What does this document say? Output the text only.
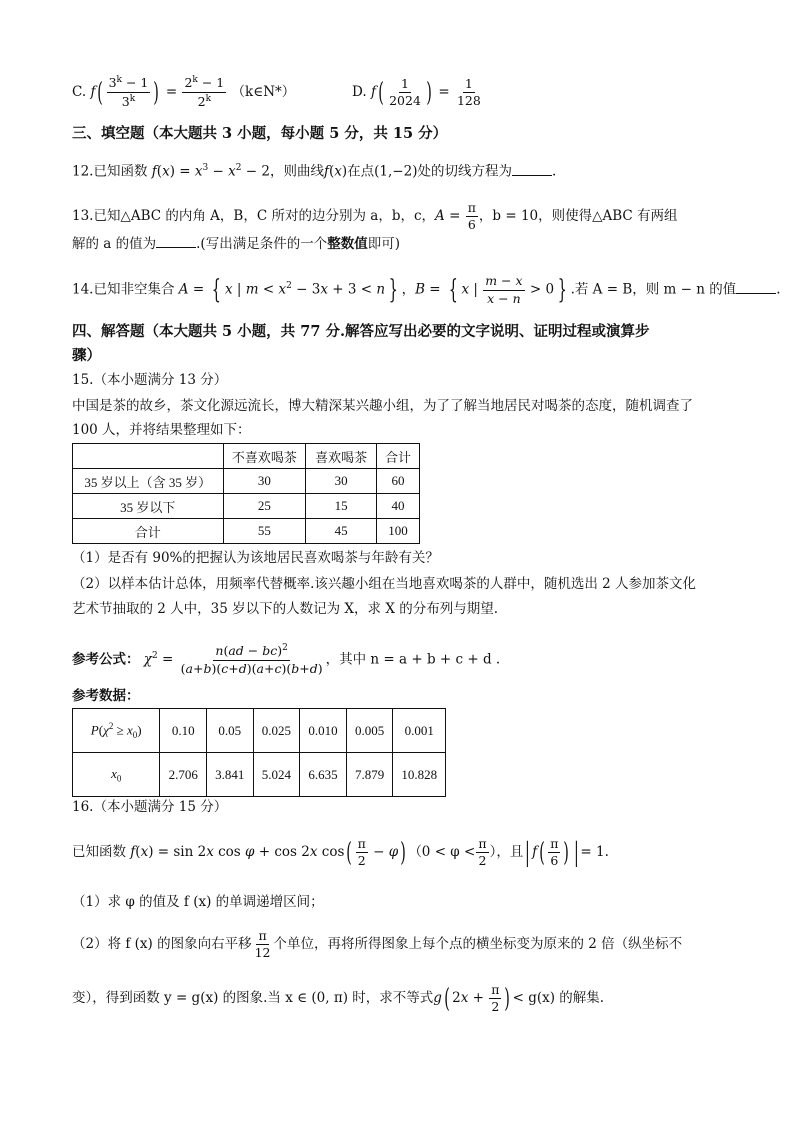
C. $f( \frac{3^k - 1}{3^k}$ ) = $\frac{2^k - 1}{2^k}$ （k∈N*）	D. $f( \frac{1}{2024}$ ) = $\frac{1}{128}$
三、填空题（本大题共 3 小题，每小题 5 分，共 15 分）
12.已知函数 $f(x) = x^3 - x^2 - 2$，则曲线f(x)在点(1,−2)处的切线方程为	.
13.已知△ABC 的内角 A，B，C 所对的边分别为 a，b，c，$A = \frac{\pi}{6}$ ，b = 10，则使得△ABC 有两组
解的 a 的值为	.(写出满足条件的一个整数值即可)
14.已知非空集合 A = { x | $m < x^2 - 3x + 3 < n$ } ，B = { x | $\frac{m - x}{x - n} > 0$ } .若 A = B，则 m − n 的值	.
四、解答题（本大题共 5 小题，共 77 分.解答应写出必要的文字说明、证明过程或演算步
骤）
15.（本小题满分 13 分）
中国是茶的故乡，茶文化源远流长，博大精深某兴趣小组，为了了解当地居民对喝茶的态度，随机调查了
100 人，并将结果整理如下：
	不喜欢喝茶	喜欢喝茶	合计
35 岁以上（含 35 岁）	30	30	60
35 岁以下	25	15	40
合计	55	45	100
（1）是否有 90%的把握认为该地居民喜欢喝茶与年龄有关？
（2）以样本估计总体，用频率代替概率.该兴趣小组在当地喜欢喝茶的人群中，随机选出 2 人参加茶文化
艺术节抽取的 2 人中，35 岁以下的人数记为 X，求 X 的分布列与期望.
参考公式： $\chi^2 = \frac{n(ad - bc)^2}{(a+b)(c+d)(a+c)(b+d)}$ ，其中 n = a + b + c + d .
参考数据：
$P(\chi^2 \ge x_0)$	0.10	0.05	0.025	0.010	0.005	0.001
$x_0$	2.706	3.841	5.024	6.635	7.879	10.828
16.（本小题满分 15 分）
已知函数 f(x) = sin 2x cos φ + cos 2x $\cos( \frac{\pi}{2} - \varphi)$ （$0 < \varphi < \frac{\pi}{2}$ ），且| $f( \frac{\pi}{6}$ ) | = 1.
（1）求 φ 的值及 f (x) 的单调递增区间；
（2）将 f (x) 的图象向右平移 $\frac{\pi}{12}$ 个单位，再将所得图象上每个点的横坐标变为原来的 2 倍（纵坐标不
变），得到函数 y = g(x) 的图象.当 x ∈ (0, π) 时，求不等式g( $2x + \frac{\pi}{2}$ ) < g(x) 的解集.
